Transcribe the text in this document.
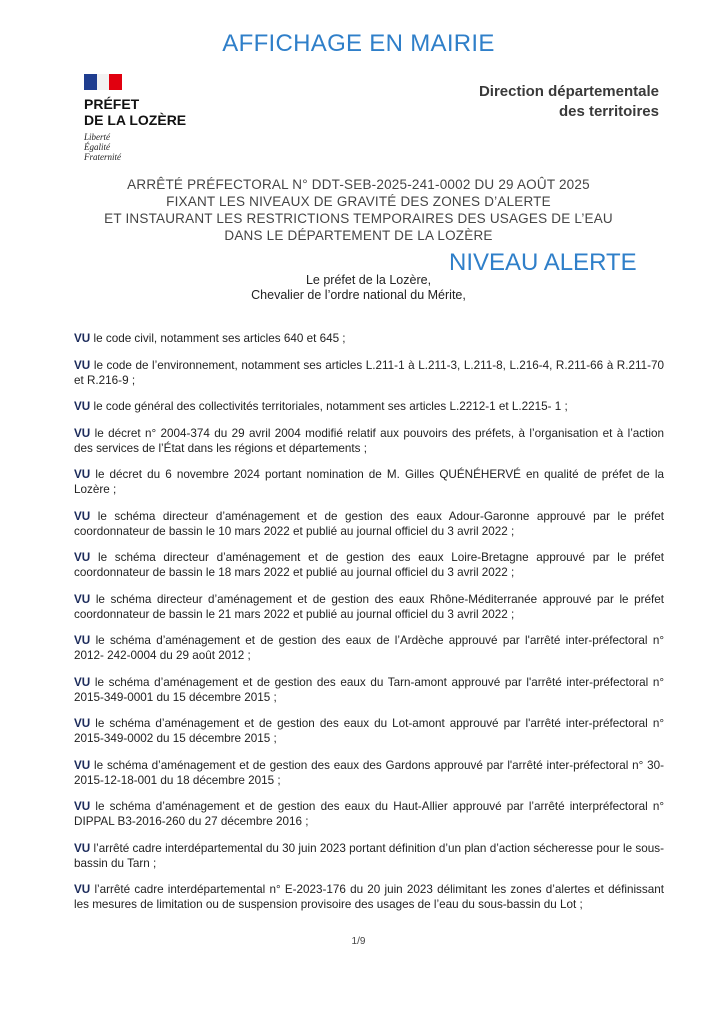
AFFICHAGE EN MAIRIE
PRÉFET
DE LA LOZÈRE
Liberté
Égalité
Fraternité
Direction départementale
des territoires
ARRÊTÉ PRÉFECTORAL N° DDT-SEB-2025-241-0002 DU 29 AOÛT 2025
FIXANT LES NIVEAUX DE GRAVITÉ DES ZONES D’ALERTE
ET INSTAURANT LES RESTRICTIONS TEMPORAIRES DES USAGES DE L’EAU
DANS LE DÉPARTEMENT DE LA LOZÈRE
NIVEAU ALERTE
Le préfet de la Lozère,
Chevalier de l’ordre national du Mérite,

VU le code civil, notamment ses articles 640 et 645 ;

VU le code de l’environnement, notamment ses articles L.211-1 à L.211-3, L.211-8, L.216-4, R.211-66 à R.211-70 et R.216-9 ;

VU le code général des collectivités territoriales, notamment ses articles L.2212-1 et L.2215- 1 ;

VU le décret n° 2004-374 du 29 avril 2004 modifié relatif aux pouvoirs des préfets, à l’organisation et à l’action des services de l’État dans les régions et départements ;

VU le décret du 6 novembre 2024 portant nomination de M. Gilles QUÉNÉHERVÉ en qualité de préfet de la Lozère ;

VU le schéma directeur d’aménagement et de gestion des eaux Adour-Garonne approuvé par le préfet coordonnateur de bassin le 10 mars 2022 et publié au journal officiel du 3 avril 2022 ;

VU le schéma directeur d’aménagement et de gestion des eaux Loire-Bretagne approuvé par le préfet coordonnateur de bassin le 18 mars 2022 et publié au journal officiel du 3 avril 2022 ;

VU le schéma directeur d’aménagement et de gestion des eaux Rhône-Méditerranée approuvé par le préfet coordonnateur de bassin le 21 mars 2022 et publié au journal officiel du 3 avril 2022 ;

VU le schéma d’aménagement et de gestion des eaux de l’Ardèche approuvé par l'arrêté inter-préfectoral n° 2012- 242-0004 du 29 août 2012 ;

VU le schéma d’aménagement et de gestion des eaux du Tarn-amont approuvé par l'arrêté inter-préfectoral n° 2015-349-0001 du 15 décembre 2015 ;

VU le schéma d’aménagement et de gestion des eaux du Lot-amont approuvé par l'arrêté inter-préfectoral n° 2015-349-0002 du 15 décembre 2015 ;

VU le schéma d’aménagement et de gestion des eaux des Gardons approuvé par l'arrêté inter-préfectoral n° 30-2015-12-18-001 du 18 décembre 2015 ;

VU le schéma d’aménagement et de gestion des eaux du Haut-Allier approuvé par l’arrêté interpréfectoral n° DIPPAL B3-2016-260 du 27 décembre 2016 ;

VU l’arrêté cadre interdépartemental du 30 juin 2023 portant définition d’un plan d’action sécheresse pour le sous-bassin du Tarn ;

VU l’arrêté cadre interdépartemental n° E-2023-176 du 20 juin 2023 délimitant les zones d’alertes et définissant les mesures de limitation ou de suspension provisoire des usages de l’eau du sous-bassin du Lot ;

1/9
